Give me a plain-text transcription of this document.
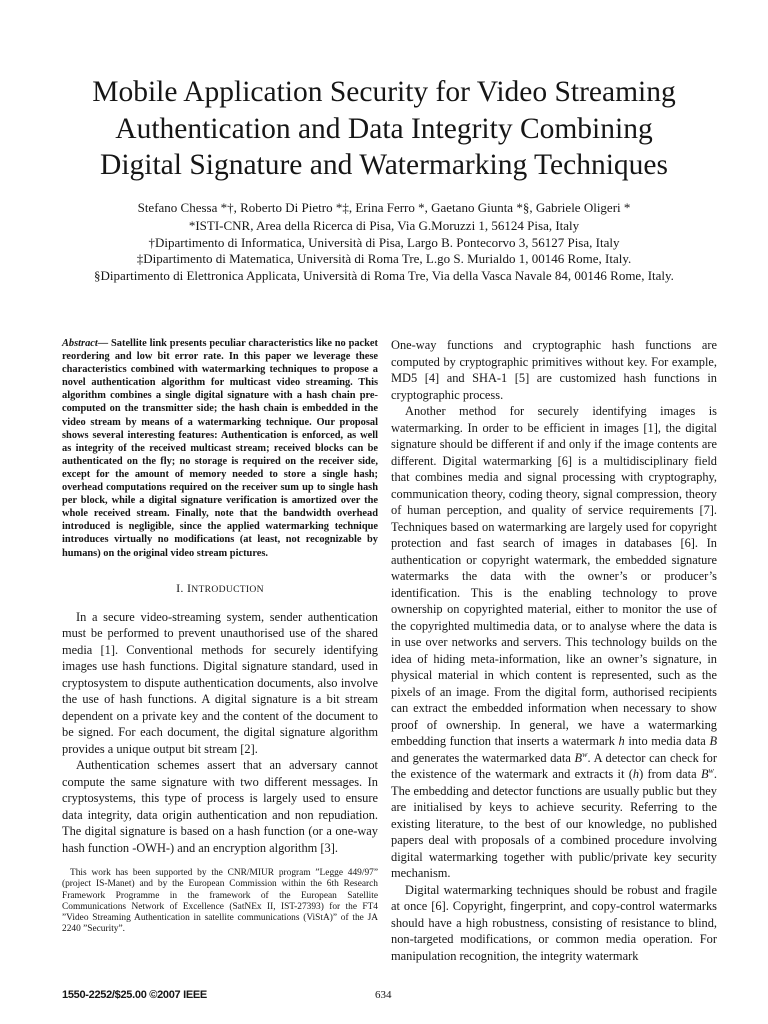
Mobile Application Security for Video Streaming
Authentication and Data Integrity Combining
Digital Signature and Watermarking Techniques
Stefano Chessa *†, Roberto Di Pietro *‡, Erina Ferro *, Gaetano Giunta *§, Gabriele Oligeri *
*ISTI-CNR, Area della Ricerca di Pisa, Via G.Moruzzi 1, 56124 Pisa, Italy
†Dipartimento di Informatica, Università di Pisa, Largo B. Pontecorvo 3, 56127 Pisa, Italy
‡Dipartimento di Matematica, Università di Roma Tre, L.go S. Murialdo 1, 00146 Rome, Italy.
§Dipartimento di Elettronica Applicata, Università di Roma Tre, Via della Vasca Navale 84, 00146 Rome, Italy.

Abstract— Satellite link presents peculiar characteristics like no packet reordering and low bit error rate. In this paper we leverage these characteristics combined with watermarking techniques to propose a novel authentication algorithm for multicast video streaming. This algorithm combines a single digital signature with a hash chain pre-computed on the transmitter side; the hash chain is embedded in the video stream by means of a watermarking technique. Our proposal shows several interesting features: Authentication is enforced, as well as integrity of the received multicast stream; received blocks can be authenticated on the fly; no storage is required on the receiver side, except for the amount of memory needed to store a single hash; overhead computations required on the receiver sum up to single hash per block, while a digital signature verification is amortized over the whole received stream. Finally, note that the bandwidth overhead introduced is negligible, since the applied watermarking technique introduces virtually no modifications (at least, not recognizable by humans) on the original video stream pictures.

I. INTRODUCTION

In a secure video-streaming system, sender authentication must be performed to prevent unauthorised use of the shared media [1]. Conventional methods for securely identifying images use hash functions. Digital signature standard, used in cryptosystem to dispute authentication documents, also involve the use of hash functions. A digital signature is a bit stream dependent on a private key and the content of the document to be signed. For each document, the digital signature algorithm provides a unique output bit stream [2].

Authentication schemes assert that an adversary cannot compute the same signature with two different messages. In cryptosystems, this type of process is largely used to ensure data integrity, data origin authentication and non repudiation. The digital signature is based on a hash function (or a one-way hash function -OWH-) and an encryption algorithm [3].

This work has been supported by the CNR/MIUR program ”Legge 449/97” (project IS-Manet) and by the European Commission within the 6th Research Framework Programme in the framework of the European Satellite Communications Network of Excellence (SatNEx II, IST-27393) for the FT4 ”Video Streaming Authentication in satellite communications (ViStA)” of the JA 2240 ”Security”.

One-way functions and cryptographic hash functions are computed by cryptographic primitives without key. For example, MD5 [4] and SHA-1 [5] are customized hash functions in cryptographic process.

Another method for securely identifying images is watermarking. In order to be efficient in images [1], the digital signature should be different if and only if the image contents are different. Digital watermarking [6] is a multidisciplinary field that combines media and signal processing with cryptography, communication theory, coding theory, signal compression, theory of human perception, and quality of service requirements [7]. Techniques based on watermarking are largely used for copyright protection and fast search of images in databases [6]. In authentication or copyright watermark, the embedded signature watermarks the data with the owner’s or producer’s identification. This is the enabling technology to prove ownership on copyrighted material, either to monitor the use of the copyrighted multimedia data, or to analyse where the data is in use over networks and servers. This technology builds on the idea of hiding meta-information, like an owner’s signature, in physical material in which content is represented, such as the pixels of an image. From the digital form, authorised recipients can extract the embedded information when necessary to show proof of ownership. In general, we have a watermarking embedding function that inserts a watermark h into media data B and generates the watermarked data $B^w$. A detector can check for the existence of the watermark and extracts it (h) from data $B^w$. The embedding and detector functions are usually public but they are initialised by keys to achieve security. Referring to the existing literature, to the best of our knowledge, no published papers deal with proposals of a combined procedure involving digital watermarking together with public/private key security mechanism.

Digital watermarking techniques should be robust and fragile at once [6]. Copyright, fingerprint, and copy-control watermarks should have a high robustness, consisting of resistance to blind, non-targeted modifications, or common media operation. For manipulation recognition, the integrity watermark

1550-2252/$25.00 ©2007 IEEE	634
